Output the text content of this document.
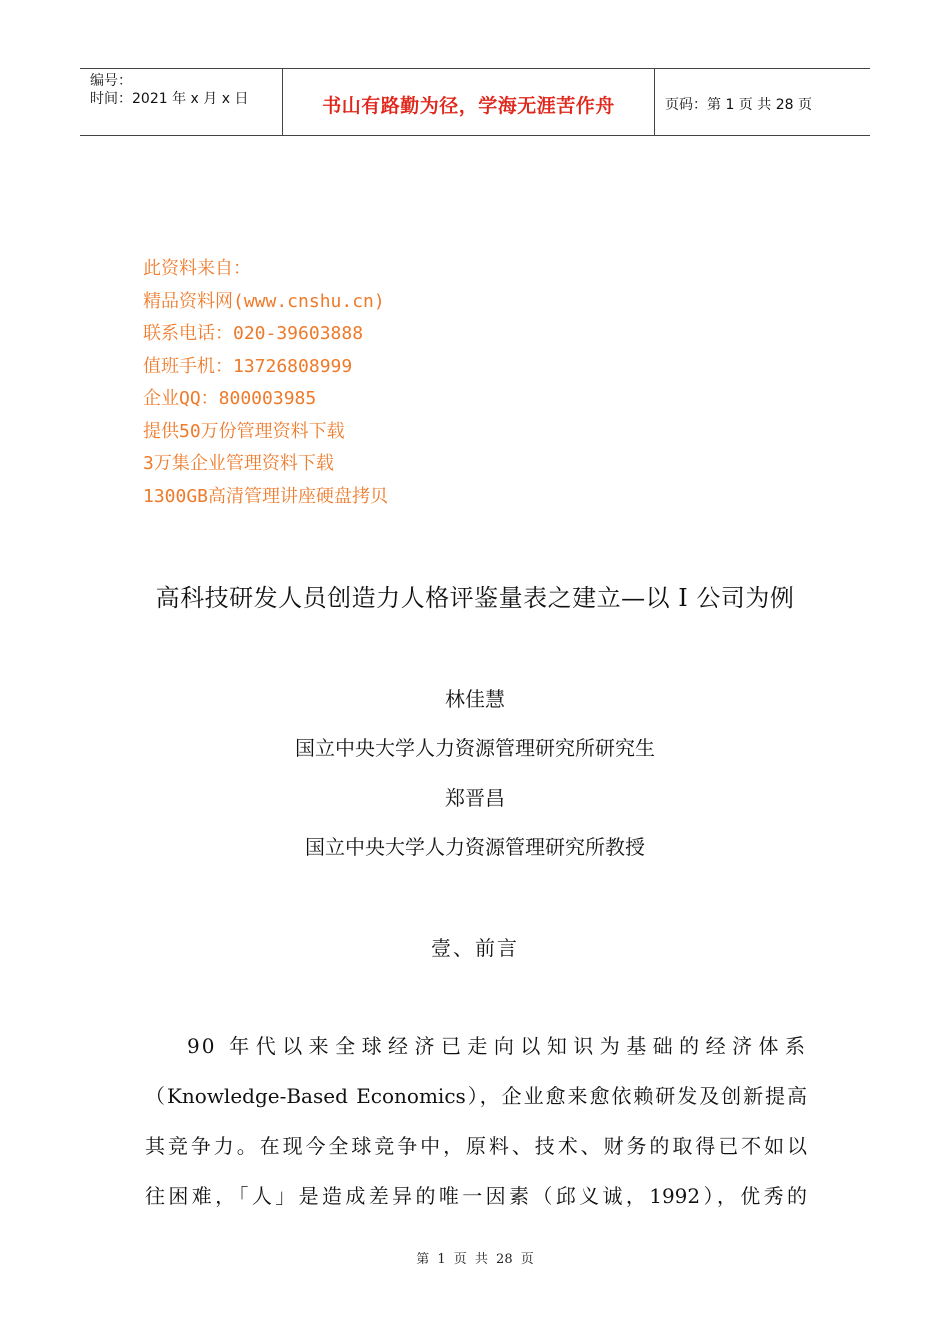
编号：
时间：2021 年 x 月 x 日	书山有路勤为径，学海无涯苦作舟	页码：第 1 页 共 28 页
此资料来自：
精品资料网(www.cnshu.cn)
联系电话：020-39603888
值班手机：13726808999
企业QQ：800003985
提供50万份管理资料下载
3万集企业管理资料下载
1300GB高清管理讲座硬盘拷贝
高科技研发人员创造力人格评鉴量表之建立—以 I 公司为例
林佳慧
国立中央大学人力资源管理研究所研究生
郑晋昌
国立中央大学人力资源管理研究所教授
壹、前言
90 年代以来全球经济已走向以知识为基础的经济体系
（Knowledge-Based Economics），企业愈来愈依赖研发及创新提高
其竞争力。在现今全球竞争中，原料、技术、财务的取得已不如以
往困难，「人」是造成差异的唯一因素（邱义诚，1992），优秀的
第 1 页 共 28 页
